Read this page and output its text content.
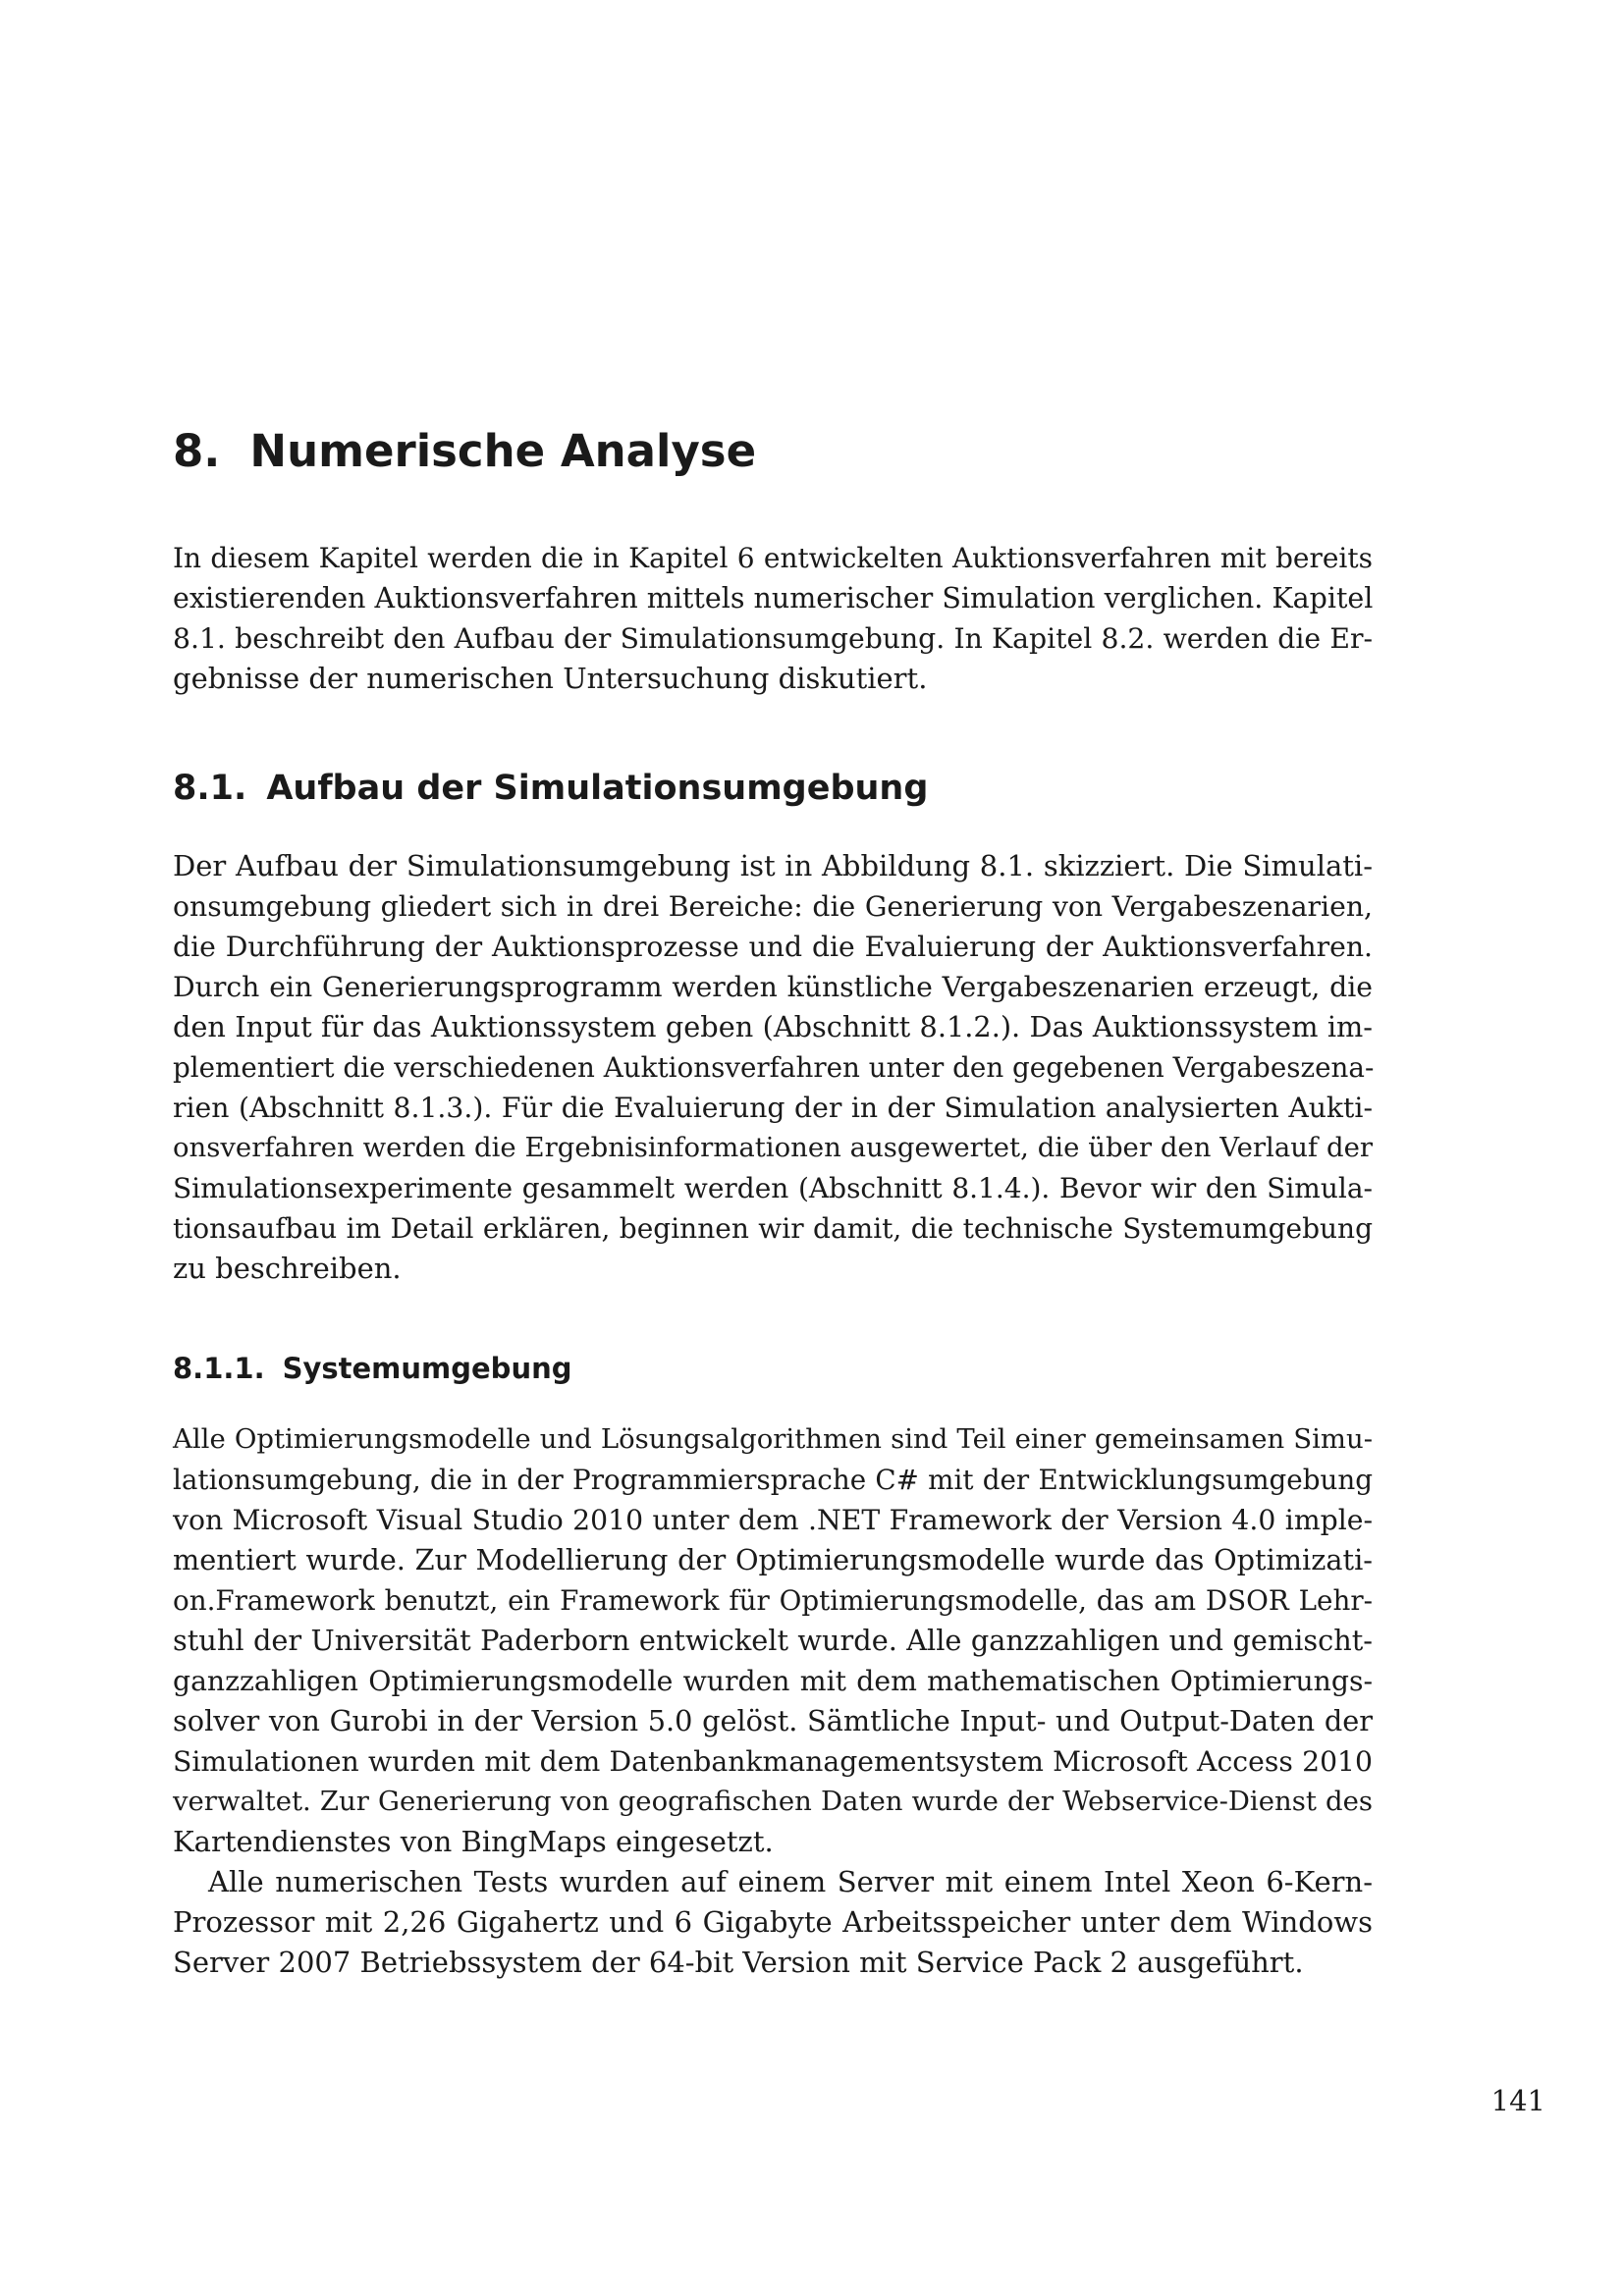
8. Numerische Analyse

In diesem Kapitel werden die in Kapitel 6 entwickelten Auktionsverfahren mit bereits
existierenden Auktionsverfahren mittels numerischer Simulation verglichen. Kapitel
8.1. beschreibt den Aufbau der Simulationsumgebung. In Kapitel 8.2. werden die Er-
gebnisse der numerischen Untersuchung diskutiert.

8.1. Aufbau der Simulationsumgebung

Der Aufbau der Simulationsumgebung ist in Abbildung 8.1. skizziert. Die Simulati-
onsumgebung gliedert sich in drei Bereiche: die Generierung von Vergabeszenarien,
die Durchführung der Auktionsprozesse und die Evaluierung der Auktionsverfahren.
Durch ein Generierungsprogramm werden künstliche Vergabeszenarien erzeugt, die
den Input für das Auktionssystem geben (Abschnitt 8.1.2.). Das Auktionssystem im-
plementiert die verschiedenen Auktionsverfahren unter den gegebenen Vergabeszena-
rien (Abschnitt 8.1.3.). Für die Evaluierung der in der Simulation analysierten Aukti-
onsverfahren werden die Ergebnisinformationen ausgewertet, die über den Verlauf der
Simulationsexperimente gesammelt werden (Abschnitt 8.1.4.). Bevor wir den Simula-
tionsaufbau im Detail erklären, beginnen wir damit, die technische Systemumgebung
zu beschreiben.

8.1.1. Systemumgebung

Alle Optimierungsmodelle und Lösungsalgorithmen sind Teil einer gemeinsamen Simu-
lationsumgebung, die in der Programmiersprache C# mit der Entwicklungsumgebung
von Microsoft Visual Studio 2010 unter dem .NET Framework der Version 4.0 imple-
mentiert wurde. Zur Modellierung der Optimierungsmodelle wurde das Optimizati-
on.Framework benutzt, ein Framework für Optimierungsmodelle, das am DSOR Lehr-
stuhl der Universität Paderborn entwickelt wurde. Alle ganzzahligen und gemischt-
ganzzahligen Optimierungsmodelle wurden mit dem mathematischen Optimierungs-
solver von Gurobi in der Version 5.0 gelöst. Sämtliche Input- und Output-Daten der
Simulationen wurden mit dem Datenbankmanagementsystem Microsoft Access 2010
verwaltet. Zur Generierung von geografischen Daten wurde der Webservice-Dienst des
Kartendienstes von BingMaps eingesetzt.

Alle numerischen Tests wurden auf einem Server mit einem Intel Xeon 6-Kern-
Prozessor mit 2,26 Gigahertz und 6 Gigabyte Arbeitsspeicher unter dem Windows
Server 2007 Betriebssystem der 64-bit Version mit Service Pack 2 ausgeführt.

141
